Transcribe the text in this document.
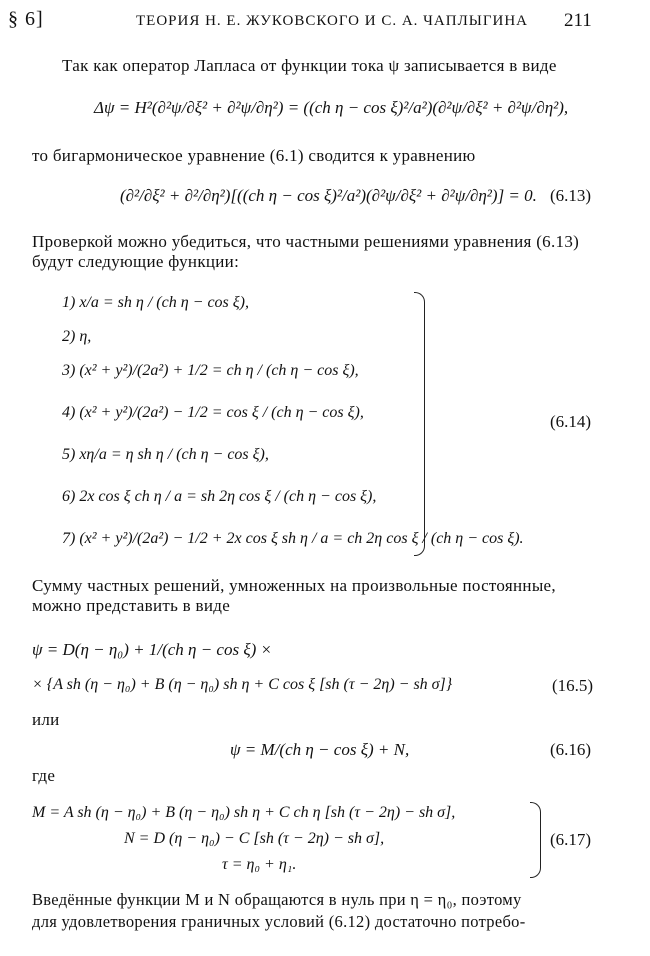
§ 6]	ТЕОРИЯ Н. Е. ЖУКОВСКОГО И С. А. ЧАПЛЫГИНА 211
Так как оператор Лапласа от функции тока ψ записывается в виде
Δψ = H²(∂²ψ/∂ξ² + ∂²ψ/∂η²) = ((ch η − cos ξ)²/a²)(∂²ψ/∂ξ² + ∂²ψ/∂η²),
то бигармоническое уравнение (6.1) сводится к уравнению
(∂²/∂ξ² + ∂²/∂η²)[((ch η − cos ξ)²/a²)(∂²ψ/∂ξ² + ∂²ψ/∂η²)] = 0. (6.13)
Проверкой можно убедиться, что частными решениями уравнения (6.13)
будут следующие функции:
1) x/a = sh η / (ch η − cos ξ),
2) η,
3) (x² + y²)/(2a²) + 1/2 = ch η / (ch η − cos ξ),
4) (x² + y²)/(2a²) − 1/2 = cos ξ / (ch η − cos ξ),
5) xη/a = η sh η / (ch η − cos ξ),
6) 2x cos ξ ch η / a = sh 2η cos ξ / (ch η − cos ξ),
7) (x² + y²)/(2a²) − 1/2 + 2x cos ξ sh η / a = ch 2η cos ξ / (ch η − cos ξ).
(6.14)
Сумму частных решений, умноженных на произвольные постоянные,
можно представить в виде
ψ = D(η − η₀) + 1/(ch η − cos ξ) ×
× {A sh (η − η₀) + B (η − η₀) sh η + C cos ξ [sh (τ − 2η) − sh σ]}	(16.5)
или
ψ = M/(ch η − cos ξ) + N,	(6.16)
где
M = A sh (η − η₀) + B (η − η₀) sh η + C ch η [sh (τ − 2η) − sh σ],
N = D (η − η₀) − C [sh (τ − 2η) − sh σ],
τ = η₀ + η₁.
(6.17)
Введённые функции M и N обращаются в нуль при η = η₀, поэтому
для удовлетворения граничных условий (6.12) достаточно потребо-
